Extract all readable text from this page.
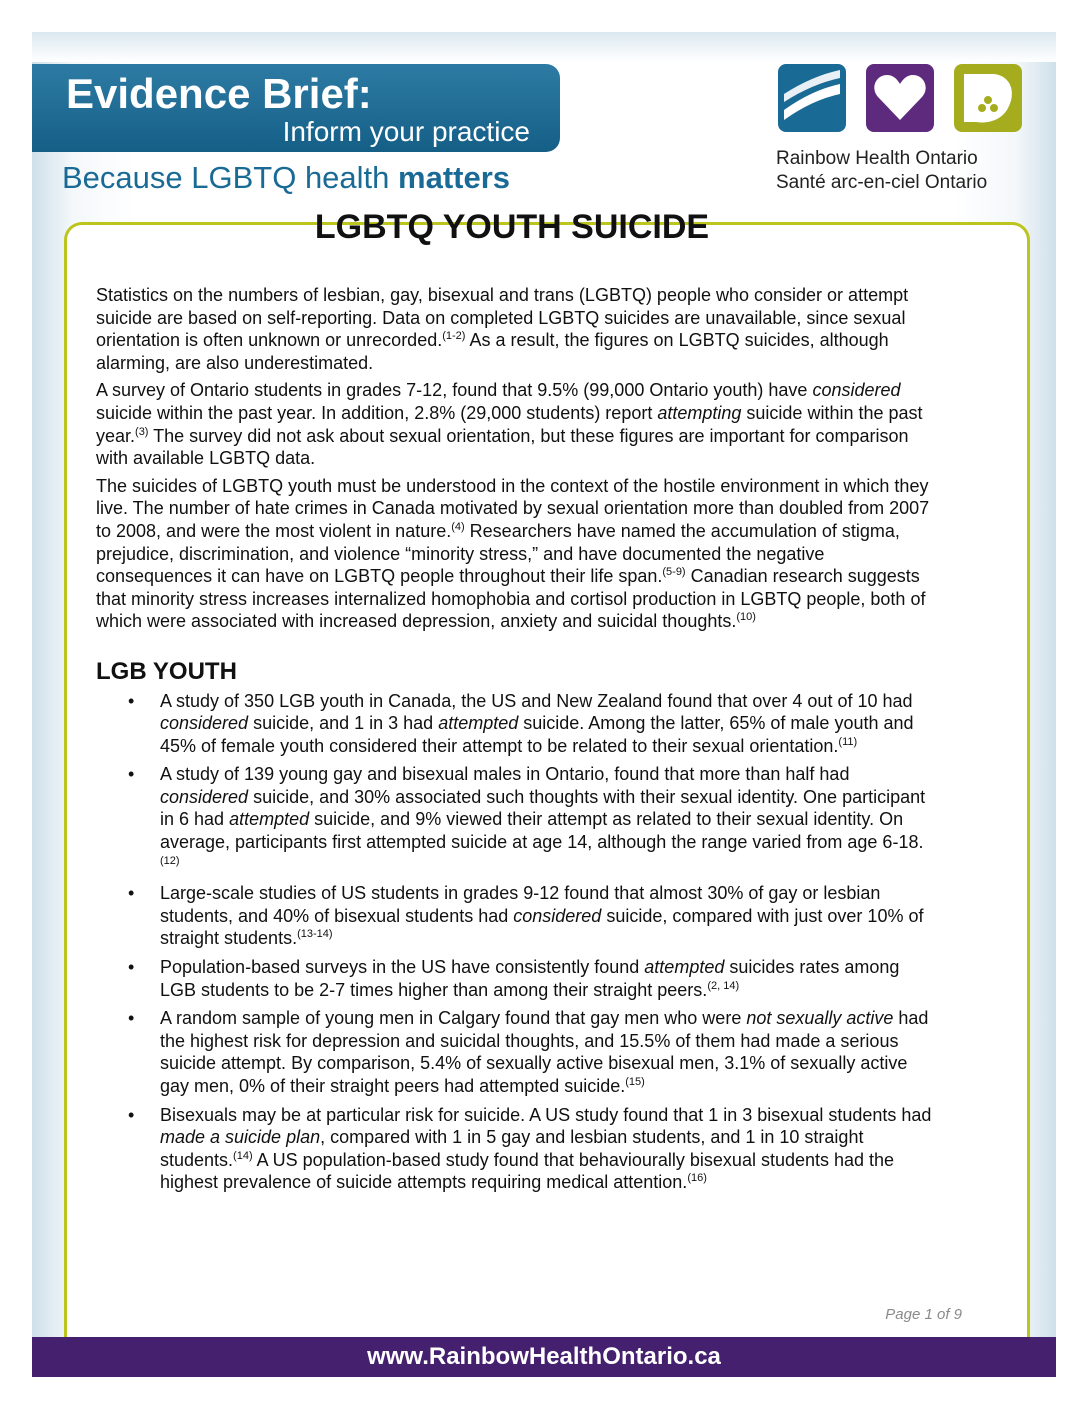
Evidence Brief:
Inform your practice
Because LGBTQ health matters
Rainbow Health Ontario
Santé arc-en-ciel Ontario
Page 1 of 9
www.RainbowHealthOntario.ca
LGBTQ YOUTH SUICIDE

Statistics on the numbers of lesbian, gay, bisexual and trans (LGBTQ) people who consider or attempt suicide are based on self-reporting. Data on completed LGBTQ suicides are unavailable, since sexual orientation is often unknown or unrecorded.$^{(1-2)}$ As a result, the figures on LGBTQ suicides, although alarming, are also underestimated.

A survey of Ontario students in grades 7-12, found that 9.5% (99,000 Ontario youth) have considered suicide within the past year. In addition, 2.8% (29,000 students) report attempting suicide within the past year.$^{(3)}$ The survey did not ask about sexual orientation, but these figures are important for comparison with available LGBTQ data.

The suicides of LGBTQ youth must be understood in the context of the hostile environment in which they live. The number of hate crimes in Canada motivated by sexual orientation more than doubled from 2007 to 2008, and were the most violent in nature.$^{(4)}$ Researchers have named the accumulation of stigma, prejudice, discrimination, and violence “minority stress,” and have documented the negative consequences it can have on LGBTQ people throughout their life span.$^{(5-9)}$ Canadian research suggests that minority stress increases internalized homophobia and cortisol production in LGBTQ people, both of which were associated with increased depression, anxiety and suicidal thoughts.$^{(10)}$

LGB YOUTH
• A study of 350 LGB youth in Canada, the US and New Zealand found that over 4 out of 10 had considered suicide, and 1 in 3 had attempted suicide. Among the latter, 65% of male youth and 45% of female youth considered their attempt to be related to their sexual orientation.$^{(11)}$
• A study of 139 young gay and bisexual males in Ontario, found that more than half had considered suicide, and 30% associated such thoughts with their sexual identity. One participant in 6 had attempted suicide, and 9% viewed their attempt as related to their sexual identity. On average, participants first attempted suicide at age 14, although the range varied from age 6-18.$^{(12)}$
• Large-scale studies of US students in grades 9-12 found that almost 30% of gay or lesbian students, and 40% of bisexual students had considered suicide, compared with just over 10% of straight students.$^{(13-14)}$
• Population-based surveys in the US have consistently found attempted suicides rates among LGB students to be 2-7 times higher than among their straight peers.$^{(2, 14)}$
• A random sample of young men in Calgary found that gay men who were not sexually active had the highest risk for depression and suicidal thoughts, and 15.5% of them had made a serious suicide attempt. By comparison, 5.4% of sexually active bisexual men, 3.1% of sexually active gay men, 0% of their straight peers had attempted suicide.$^{(15)}$
• Bisexuals may be at particular risk for suicide. A US study found that 1 in 3 bisexual students had made a suicide plan, compared with 1 in 5 gay and lesbian students, and 1 in 10 straight students.$^{(14)}$ A US population-based study found that behaviourally bisexual students had the highest prevalence of suicide attempts requiring medical attention.$^{(16)}$
